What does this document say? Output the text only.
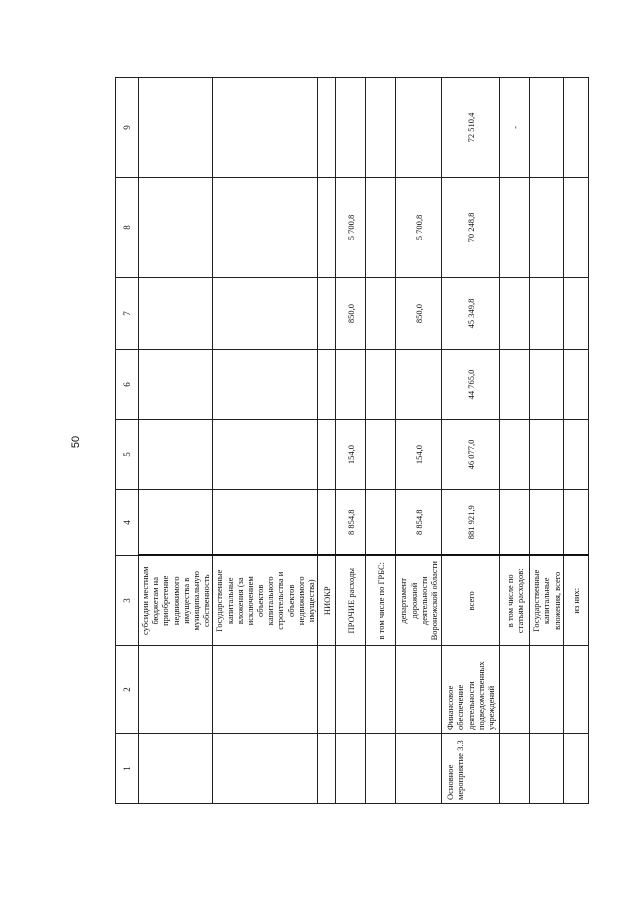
50
1	2	3	4	5	6	7	8	9
		субсидии местным бюджетам на приобретение недвижимого имущества в муниципальную собственность						
		Государственные капитальные вложения (за исключением объектов капитального строительства и объектов недвижимого имущества)						
		НИОКР						
		ПРОЧИЕ расходы	8 854,8	154,0		850,0	5 700,8	
		в том числе по ГРБС:						
		департамент дорожной деятельности Воронежской области	8 854,8	154,0		850,0	5 700,8	
Основное мероприятие 3.3	Финансовое обеспечение деятельности подведомственных учреждений	всего	881 921,9	46 077,0	44 765,0	45 349,8	70 248,8	72 510,4
		в том числе по статьям расходов:						-
		Государственные капитальные вложения, всего						
		из них:						
